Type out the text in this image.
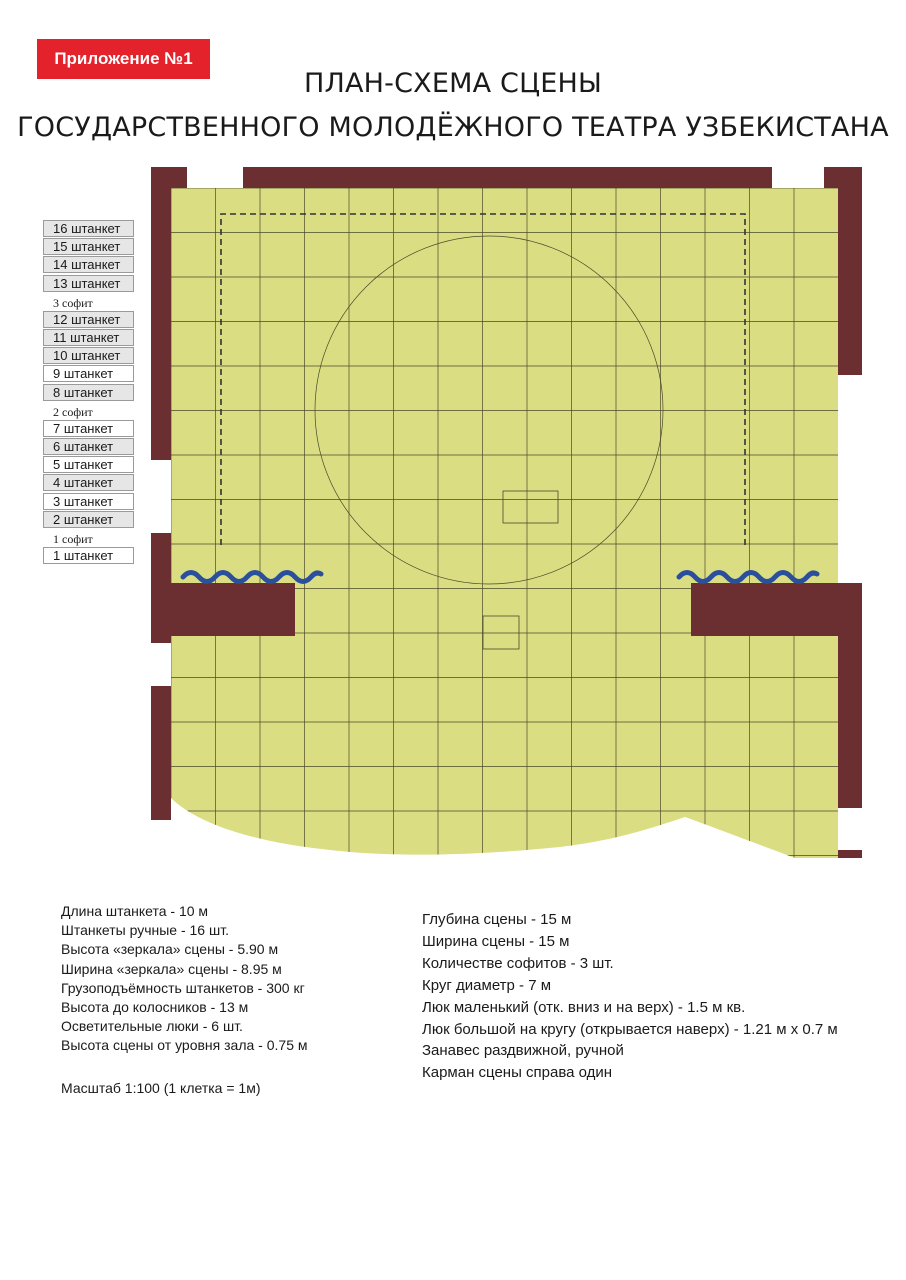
Приложение №1
ПЛАН-СХЕМА СЦЕНЫ
ГОСУДАРСТВЕННОГО МОЛОДЁЖНОГО ТЕАТРА УЗБЕКИСТАНА
16 штанкет
15 штанкет
14 штанкет
13 штанкет
3 софит
12 штанкет
11 штанкет
10 штанкет
9 штанкет
8 штанкет
2 софит
7 штанкет
6 штанкет
5 штанкет
4 штанкет
3 штанкет
2 штанкет
1 софит
1 штанкет
Длина штанкета - 10 м
Штанкеты ручные - 16 шт.
Высота «зеркала» сцены - 5.90 м
Ширина «зеркала» сцены - 8.95 м
Грузоподъёмность штанкетов - 300 кг
Высота до колосников - 13 м
Осветительные люки - 6 шт.
Высота сцены от уровня зала - 0.75 м
Масштаб 1:100 (1 клетка = 1м)
Глубина сцены - 15 м
Ширина сцены - 15 м
Количестве софитов - 3 шт.
Круг диаметр - 7 м
Люк маленький (отк. вниз и на верх) - 1.5 м кв.
Люк большой на кругу (открывается наверх) - 1.21 м x 0.7 м
Занавес раздвижной, ручной
Карман сцены справа один
